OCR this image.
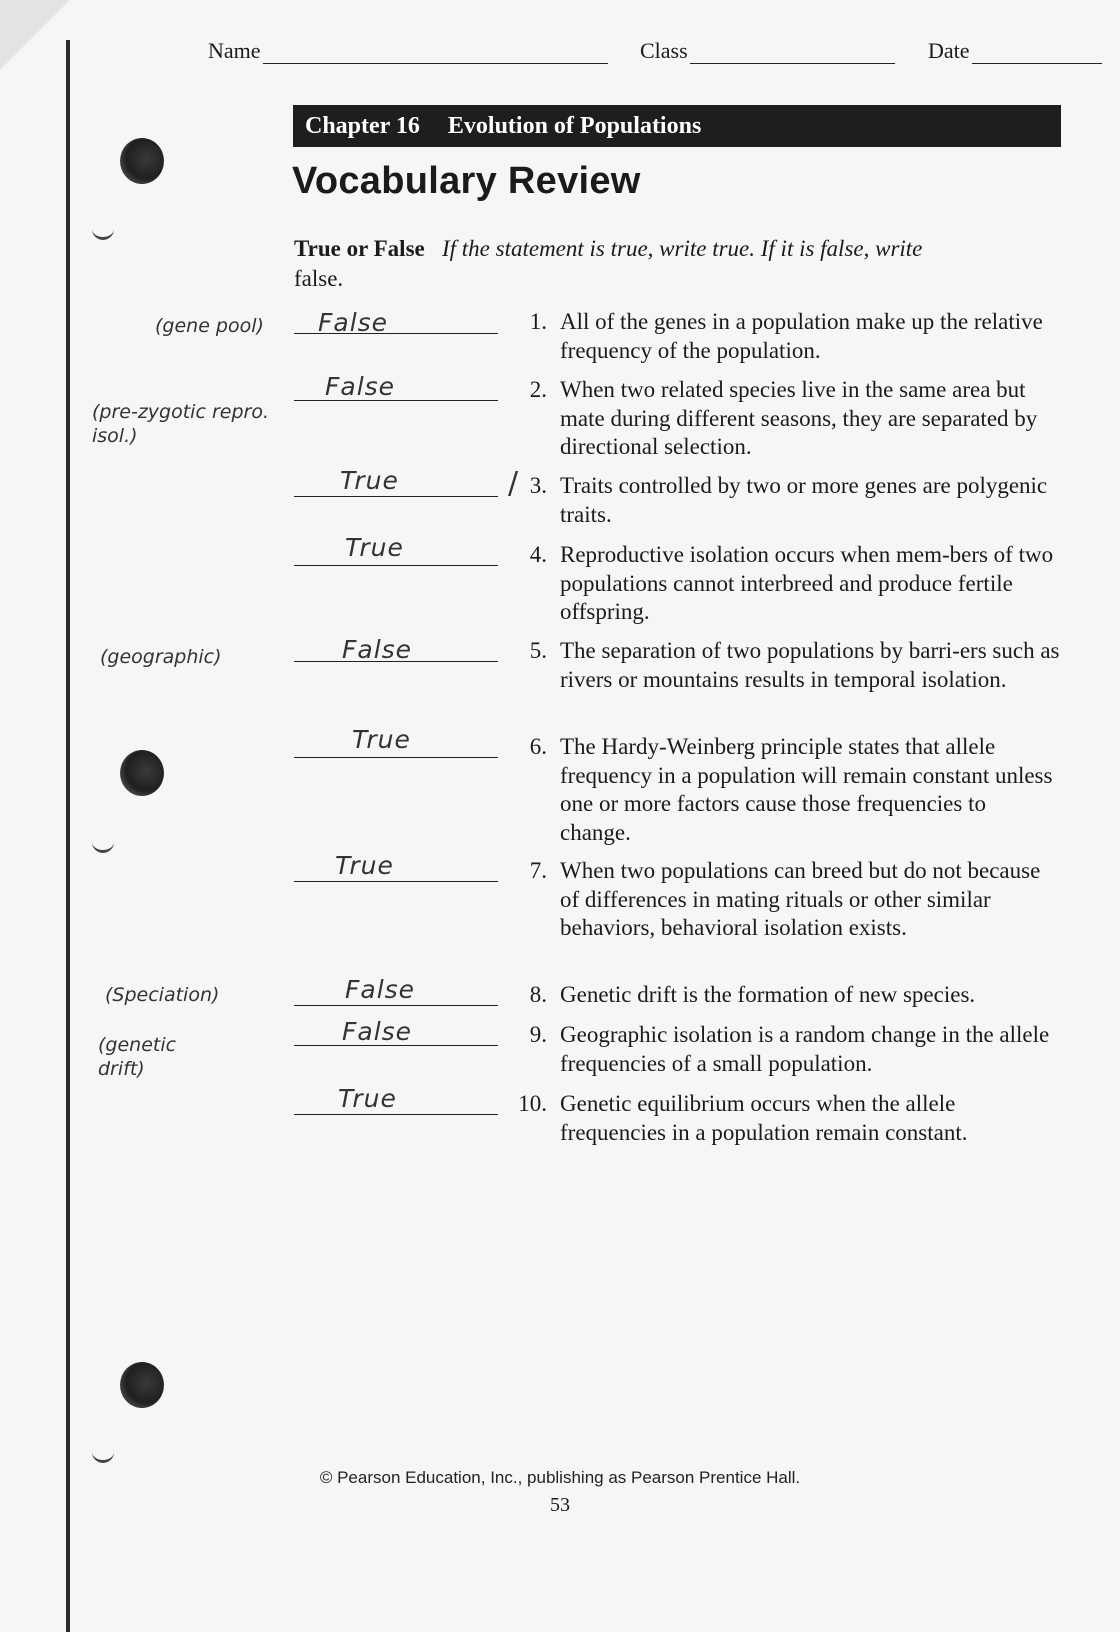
Name	Class	Date
Chapter 16 Evolution of Populations
Vocabulary Review
True or False If the statement is true, write true. If it is false, write
false.
(gene pool) False	1. All of the genes in a population make up the relative frequency of the population.
(pre-zygotic repro. isol.)
False	2. When two related species live in the same area but mate during different seasons, they are separated by directional selection.
True	/ 3. Traits controlled by two or more genes are polygenic traits.
True	4. Reproductive isolation occurs when mem-bers of two populations cannot interbreed and produce fertile offspring.
(geographic)	False	5. The separation of two populations by barri-ers such as rivers or mountains results in temporal isolation.
True	6. The Hardy-Weinberg principle states that allele frequency in a population will remain constant unless one or more factors cause those frequencies to change.
True	7. When two populations can breed but do not because of differences in mating rituals or other similar behaviors, behavioral isolation exists.
(Speciation)	False	8. Genetic drift is the formation of new species.
(genetic drift)
False	9. Geographic isolation is a random change in the allele frequencies of a small population.
True	10. Genetic equilibrium occurs when the allele frequencies in a population remain constant.
© Pearson Education, Inc., publishing as Pearson Prentice Hall.
53
